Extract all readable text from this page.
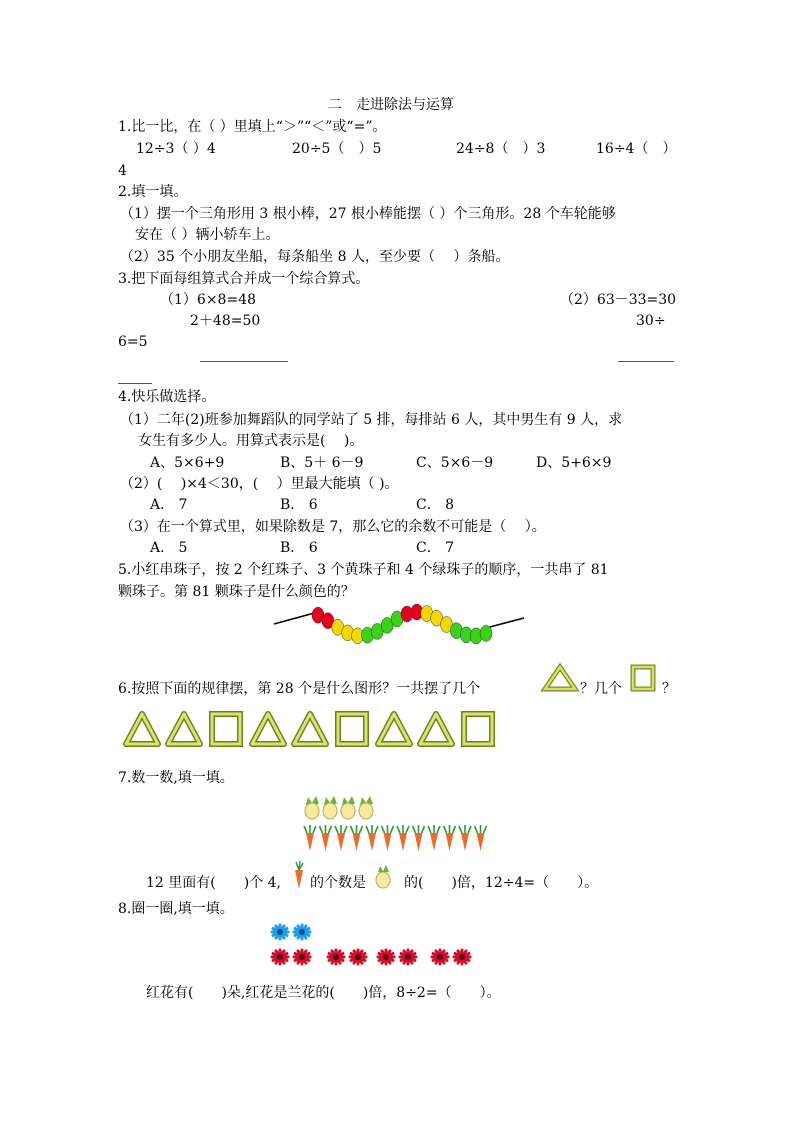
二　走进除法与运算
1.比一比，在（ ）里填上“＞”“＜”或“=”。
12÷3（ ）4	20÷5（　）5	24÷8（　）3	16÷4（　）
4
2.填一填。
（1）摆一个三角形用 3 根小棒，27 根小棒能摆（ ）个三角形。28 个车轮能够
安在（ ）辆小轿车上。
（2）35 个小朋友坐船，每条船坐 8 人，至少要（　 ）条船。
3.把下面每组算式合并成一个综合算式。
（1）6×8=48
2＋48=50
（2）63－33=30
30÷
6=5
4.快乐做选择。
（1）二年(2)班参加舞蹈队的同学站了 5 排，每排站 6 人，其中男生有 9 人，求
女生有多少人。用算式表示是(　 )。
A、5×6+9	B、5＋ 6－9	C、5×6－9	D、5+6×9
（2）(　 )×4＜30，(　 ）里最大能填（ )。
A． 7	B． 6	C． 8
（3）在一个算式里，如果除数是 7，那么它的余数不可能是（　 ）。
A． 5	B． 6	C． 7
5.小红串珠子，按 2 个红珠子、3 个黄珠子和 4 个绿珠子的顺序，一共串了 81
颗珠子。第 81 颗珠子是什么颜色的？
6.按照下面的规律摆，第 28 个是什么图形？一共摆了几个	？几个	？
7.数一数,填一填。
12 里面有(　　)个 4, 的个数是	的(　　)倍，12÷4=（　　）。
8.圈一圈,填一填。
红花有(　　)朵,红花是兰花的(　　)倍，8÷2=（　　）。
